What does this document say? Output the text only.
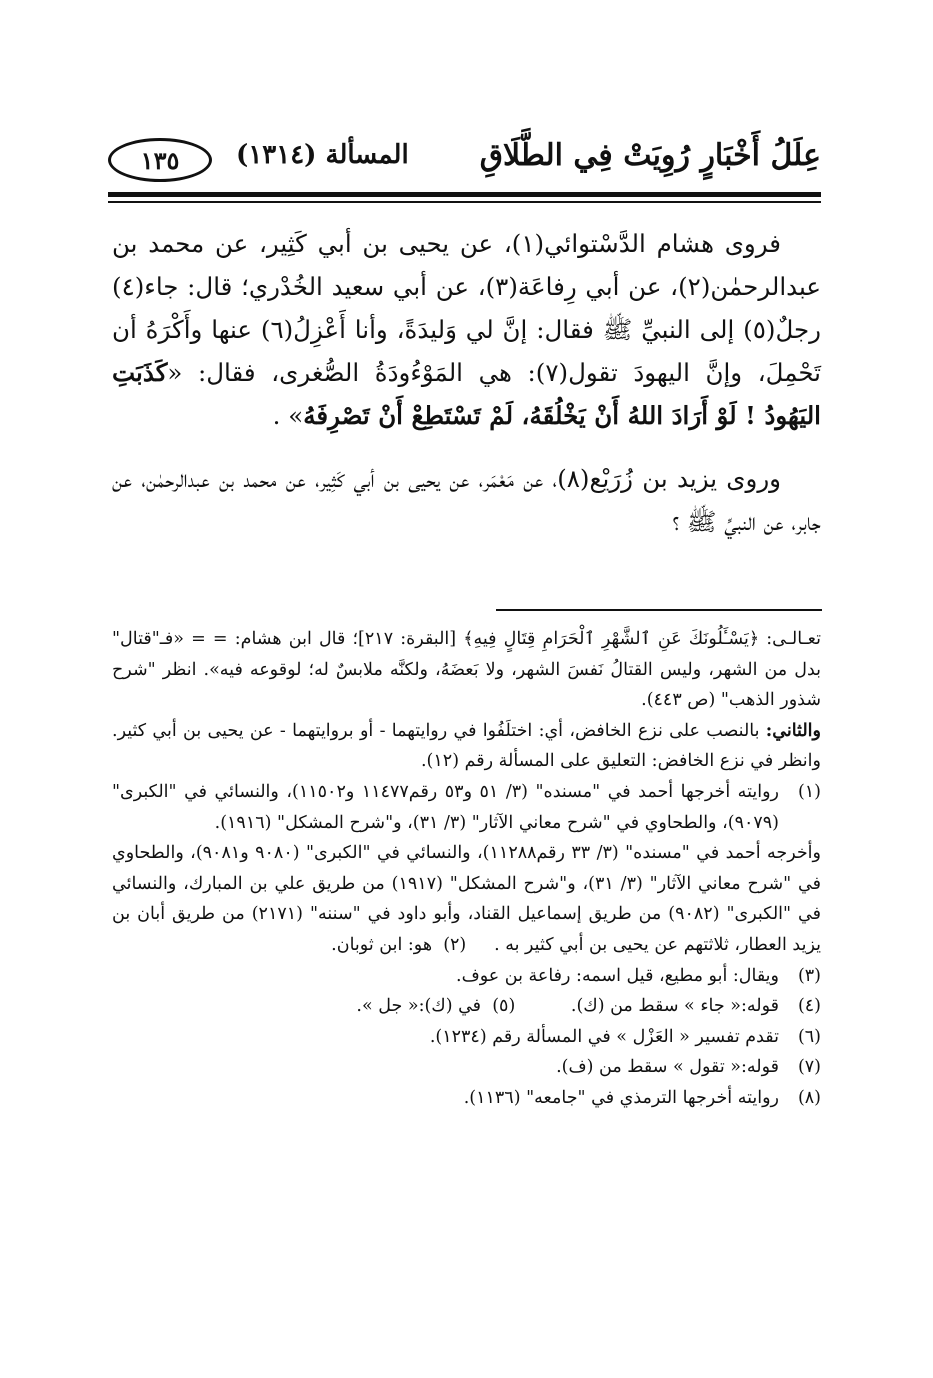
عِلَلُ أَخْبَارٍ رُوِيَتْ فِي الطَّلَاقِ
المسألة (١٣١٤)
١٣٥

فروى هشام الدَّسْتوائي(١)، عن يحيى بن أبي كَثِير، عن محمد بن عبدالرحمٰن(٢)، عن أبي رِفاعَة(٣)، عن أبي سعيد الخُدْري؛ قال: جاء(٤) رجلٌ(٥) إلى النبيِّ ﷺ فقال: إنَّ لي وَليدَةً، وأنا أَعْزِلُ(٦) عنها وأَكْرَهُ أن تَحْمِلَ، وإنَّ اليهودَ تقول(٧): هي المَوْءُودَةُ الصُّغرى، فقال: «كَذَبَتِ اليَهُودُ ! لَوْ أَرَادَ اللهُ أَنْ يَخْلُقَهُ، لَمْ تَسْتَطِعْ أَنْ تَصْرِفَهُ» .

وروى يزيد بن زُرَيْع(٨)، عن مَعْمَر، عن يحيى بن أبي كَثِير، عن محمد بن عبدالرحمٰن، عن جابر، عن النبيِّ ﷺ ؟

تعـالـى: ﴿يَسْـَٔلُونَكَ عَنِ ٱلشَّهْرِ ٱلْحَرَامِ قِتَالٍ فِيهِ﴾ [البقرة: ٢١٧]؛ قال ابن هشام: = = «فـ"قتال" بدل من الشهر، وليس القتالُ نَفسَ الشهر، ولا بَعضَهُ، ولكنَّه ملابسٌ له؛ لوقوعه فيه». انظر "شرح شذور الذهب" (ص ٤٤٣).
والثاني: بالنصب على نزع الخافض، أي: اختلَفُوا في روايتهما - أو بروايتهما - عن يحيى بن أبي كثير. وانظر في نزع الخافض: التعليق على المسألة رقم (١٢).
(١)
روايته أخرجها أحمد في "مسنده" (٣/ ٥١ و٥٣ رقم١١٤٧٧ و١١٥٠٢)، والنسائي في "الكبرى" (٩٠٧٩)، والطحاوي في "شرح معاني الآثار" (٣/ ٣١)، و"شرح المشكل" (١٩١٦).
وأخرجه أحمد في "مسنده" (٣/ ٣٣ رقم١١٢٨٨)، والنسائي في "الكبرى" (٩٠٨٠ و٩٠٨١)، والطحاوي في "شرح معاني الآثار" (٣/ ٣١)، و"شرح المشكل" (١٩١٧) من طريق علي بن المبارك، والنسائي في "الكبرى" (٩٠٨٢) من طريق إسماعيل القناد، وأبو داود في "سننه" (٢١٧١) من طريق أبان بن يزيد العطار، ثلاثتهم عن يحيى بن أبي كثير به .     (٢)  هو: ابن ثوبان.
(٣)
ويقال: أبو مطيع، قيل اسمه: رفاعة بن عوف.
(٤)
قوله:« جاء » سقط من (ك).          (٥)  في (ك):« جل ».
(٦)
تقدم تفسير « العَزْل » في المسألة رقم (١٢٣٤).
(٧)
قوله:« تقول » سقط من (ف).
(٨)
روايته أخرجها الترمذي في "جامعه" (١١٣٦).
